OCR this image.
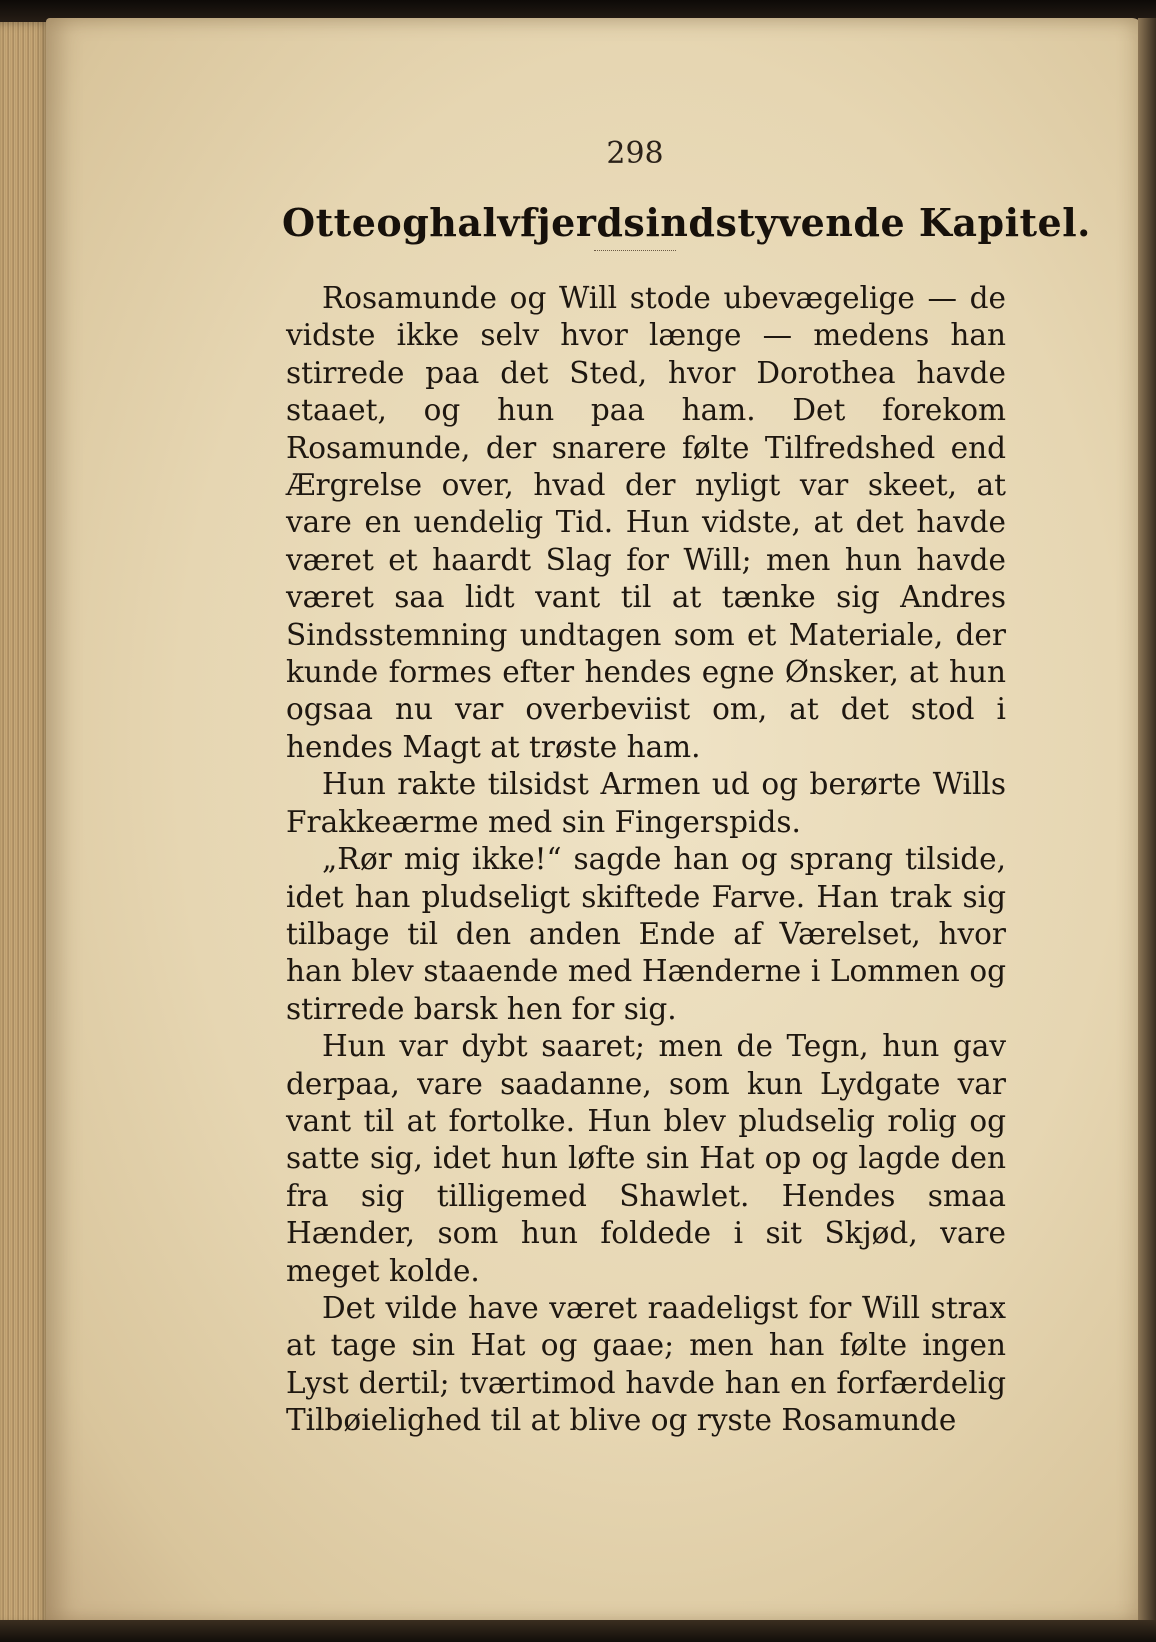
298
Otteoghalvfjerdsindstyvende Kapitel.

Rosamunde og Will stode ubevægelige — de vidste ikke selv hvor længe — medens han stirrede paa det Sted, hvor Dorothea havde staaet, og hun paa ham. Det forekom Rosamunde, der snarere følte Tilfredshed end Ærgrelse over, hvad der nyligt var skeet, at vare en uendelig Tid. Hun vidste, at det havde været et haardt Slag for Will; men hun havde været saa lidt vant til at tænke sig Andres Sindsstemning undtagen som et Materiale, der kunde formes efter hendes egne Ønsker, at hun ogsaa nu var overbeviist om, at det stod i hendes Magt at trøste ham.

Hun rakte tilsidst Armen ud og berørte Wills Frakkeærme med sin Fingerspids.

„Rør mig ikke!“ sagde han og sprang tilside, idet han pludseligt skiftede Farve. Han trak sig tilbage til den anden Ende af Værelset, hvor han blev staaende med Hænderne i Lommen og stirrede barsk hen for sig.

Hun var dybt saaret; men de Tegn, hun gav derpaa, vare saadanne, som kun Lydgate var vant til at fortolke. Hun blev pludselig rolig og satte sig, idet hun løfte sin Hat op og lagde den fra sig tilligemed Shawlet. Hendes smaa Hænder, som hun foldede i sit Skjød, vare meget kolde.

Det vilde have været raadeligst for Will strax at tage sin Hat og gaae; men han følte ingen Lyst dertil; tværtimod havde han en forfærdelig Tilbøielighed til at blive og ryste Rosamunde
